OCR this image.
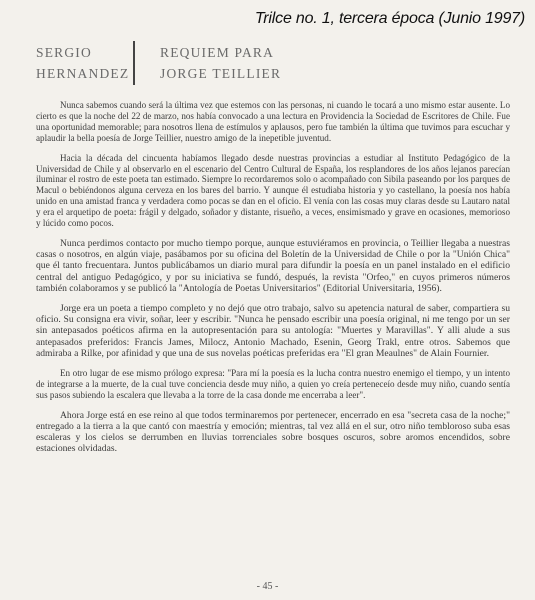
Trilce no. 1, tercera época (Junio 1997)
SERGIO
HERNANDEZ
REQUIEM PARA
JORGE TEILLIER

Nunca sabemos cuando será la última vez que estemos con las personas, ni cuando le tocará a uno mismo estar ausente. Lo cierto es que la noche del 22 de marzo, nos había convocado a una lectura en Providencia la Sociedad de Escritores de Chile. Fue una oportunidad memorable; para nosotros llena de estímulos y aplausos, pero fue también la última que tuvimos para escuchar y aplaudir la bella poesía de Jorge Teillier, nuestro amigo de la inepetible juventud.

Hacia la década del cincuenta habíamos llegado desde nuestras provincias a estudiar al Instituto Pedagógico de la Universidad de Chile y al observarlo en el escenario del Centro Cultural de España, los resplandores de los años lejanos parecían iluminar el rostro de este poeta tan estimado. Siempre lo recordaremos solo o acompañado con Sibila paseando por los parques de Macul o bebiéndonos alguna cerveza en los bares del barrio. Y aunque él estudiaba historia y yo castellano, la poesía nos había unido en una amistad franca y verdadera como pocas se dan en el oficio. El venía con las cosas muy claras desde su Lautaro natal y era el arquetipo de poeta: frágil y delgado, soñador y distante, risueño, a veces, ensimismado y grave en ocasiones, memorioso y lúcido como pocos.

Nunca perdimos contacto por mucho tiempo porque, aunque estuviéramos en provincia, o Teillier llegaba a nuestras casas o nosotros, en algún viaje, pasábamos por su oficina del Boletín de la Universidad de Chile o por la "Unión Chica" que él tanto frecuentara. Juntos publicábamos un diario mural para difundir la poesía en un panel instalado en el edificio central del antiguo Pedagógico, y por su iniciativa se fundó, después, la revista "Orfeo," en cuyos primeros números también colaboramos y se publicó la "Antología de Poetas Universitarios" (Editorial Universitaria, 1956).

Jorge era un poeta a tiempo completo y no dejó que otro trabajo, salvo su apetencia natural de saber, compartiera su oficio. Su consigna era vivir, soñar, leer y escribir. "Nunca he pensado escribir una poesía original, ni me tengo por un ser sin antepasados poéticos afirma en la autopresentación para su antología: "Muertes y Maravillas". Y alli alude a sus antepasados preferidos: Francis James, Milocz, Antonio Machado, Esenin, Georg Trakl, entre otros. Sabemos que admiraba a Rilke, por afinidad y que una de sus novelas poéticas preferidas era "El gran Meaulnes" de Alain Fournier.

En otro lugar de ese mismo prólogo expresa: "Para mí la poesía es la lucha contra nuestro enemigo el tiempo, y un intento de integrarse a la muerte, de la cual tuve conciencia desde muy niño, a quien yo creía perteneceío desde muy niño, cuando sentía sus pasos subiendo la escalera que llevaba a la torre de la casa donde me encerraba a leer".

Ahora Jorge está en ese reino al que todos terminaremos por pertenecer, encerrado en esa "secreta casa de la noche;" entregado a la tierra a la que cantó con maestría y emoción; mientras, tal vez allá en el sur, otro niño tembloroso suba esas escaleras y los cielos se derrumben en lluvias torrenciales sobre bosques oscuros, sobre aromos encendidos, sobre estaciones olvidadas.

- 45 -
